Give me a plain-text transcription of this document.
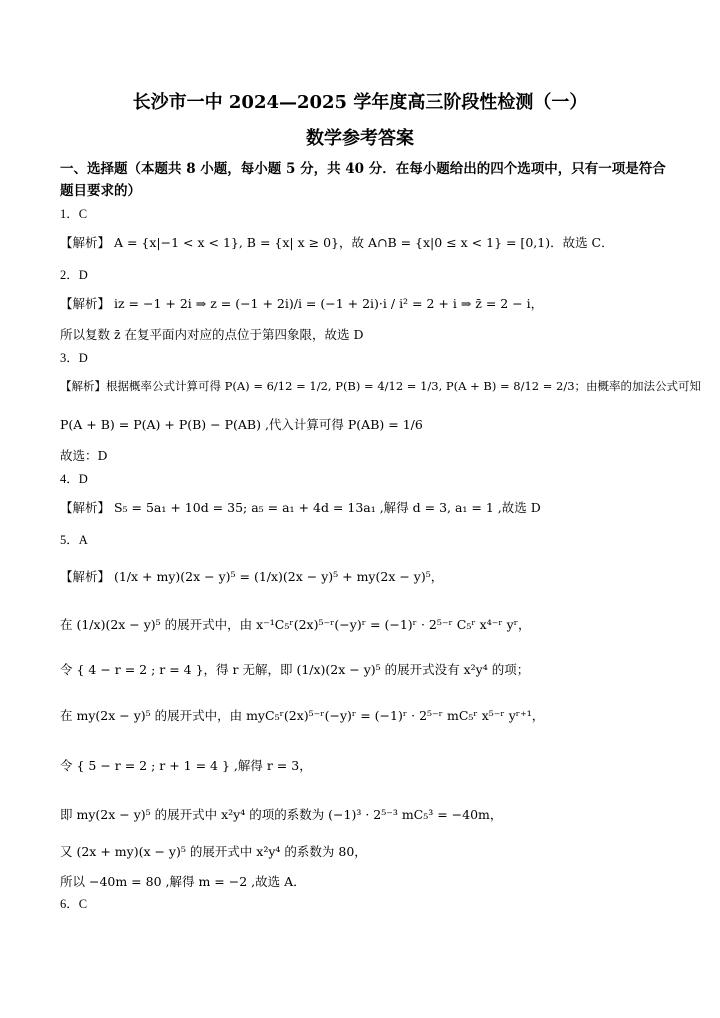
长沙市一中 2024—2025 学年度高三阶段性检测（一）
数学参考答案
一、选择题（本题共 8 小题，每小题 5 分，共 40 分．在每小题给出的四个选项中，只有一项是符合题目要求的）
1．C
【解析】 A = {x|−1 < x < 1}, B = {x| x ≥ 0}，故 A∩B = {x|0 ≤ x < 1} = [0,1)．故选 C．
2．D
【解析】 iz = −1 + 2i ⇒ z = (−1 + 2i)/i = (−1 + 2i)·i / i² = 2 + i ⇒ z̄ = 2 − i，
所以复数 z̄ 在复平面内对应的点位于第四象限，故选 D
3．D
【解析】根据概率公式计算可得 P(A) = 6/12 = 1/2, P(B) = 4/12 = 1/3, P(A + B) = 8/12 = 2/3；由概率的加法公式可知
P(A + B) = P(A) + P(B) − P(AB) ,代入计算可得 P(AB) = 1/6
故选：D
4．D
【解析】 S₅ = 5a₁ + 10d = 35; a₅ = a₁ + 4d = 13a₁ ,解得 d = 3, a₁ = 1 ,故选 D
5．A
【解析】 (1/x + my)(2x − y)⁵ = (1/x)(2x − y)⁵ + my(2x − y)⁵，
在 (1/x)(2x − y)⁵ 的展开式中，由 x⁻¹C₅ʳ(2x)⁵⁻ʳ(−y)ʳ = (−1)ʳ · 2⁵⁻ʳ C₅ʳ x⁴⁻ʳ yʳ，
令 { 4 − r = 2 ; r = 4 }，得 r 无解，即 (1/x)(2x − y)⁵ 的展开式没有 x²y⁴ 的项；
在 my(2x − y)⁵ 的展开式中，由 myC₅ʳ(2x)⁵⁻ʳ(−y)ʳ = (−1)ʳ · 2⁵⁻ʳ mC₅ʳ x⁵⁻ʳ yʳ⁺¹，
令 { 5 − r = 2 ; r + 1 = 4 } ,解得 r = 3，
即 my(2x − y)⁵ 的展开式中 x²y⁴ 的项的系数为 (−1)³ · 2⁵⁻³ mC₅³ = −40m，
又 (2x + my)(x − y)⁵ 的展开式中 x²y⁴ 的系数为 80，
所以 −40m = 80 ,解得 m = −2 ,故选 A．
6．C
